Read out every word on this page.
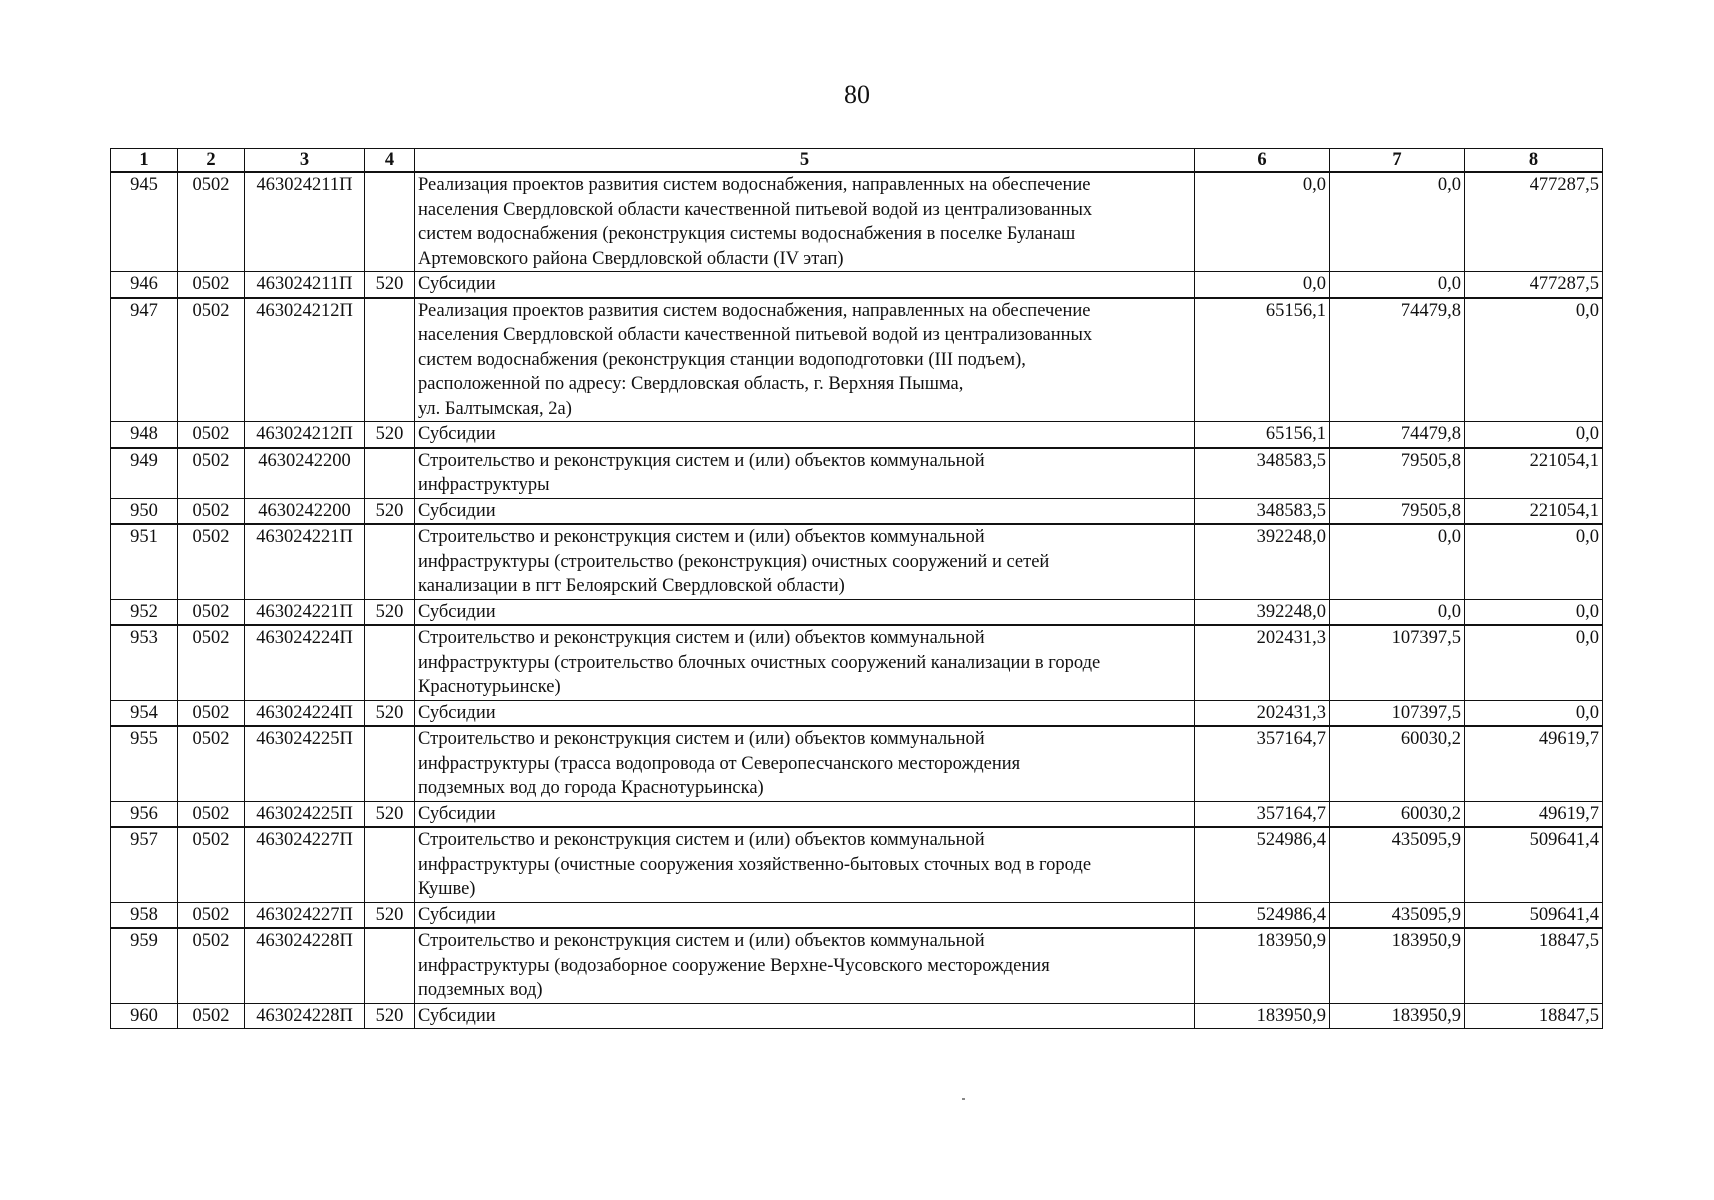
80
1	2	3	4	5	6	7	8
945	0502	463024211П		Реализация проектов развития систем водоснабжения, направленных на обеспечение
населения Свердловской области качественной питьевой водой из централизованных
систем водоснабжения (реконструкция системы водоснабжения в поселке Буланаш
Артемовского района Свердловской области (IV этап)	0,0	0,0	477287,5
946	0502	463024211П	520	Субсидии	0,0	0,0	477287,5
947	0502	463024212П		Реализация проектов развития систем водоснабжения, направленных на обеспечение
населения Свердловской области качественной питьевой водой из централизованных
систем водоснабжения (реконструкция станции водоподготовки (III подъем),
расположенной по адресу: Свердловская область, г. Верхняя Пышма,
ул. Балтымская, 2а)	65156,1	74479,8	0,0
948	0502	463024212П	520	Субсидии	65156,1	74479,8	0,0
949	0502	4630242200		Строительство и реконструкция систем и (или) объектов коммунальной
инфраструктуры	348583,5	79505,8	221054,1
950	0502	4630242200	520	Субсидии	348583,5	79505,8	221054,1
951	0502	463024221П		Строительство и реконструкция систем и (или) объектов коммунальной
инфраструктуры (строительство (реконструкция) очистных сооружений и сетей
канализации в пгт Белоярский Свердловской области)	392248,0	0,0	0,0
952	0502	463024221П	520	Субсидии	392248,0	0,0	0,0
953	0502	463024224П		Строительство и реконструкция систем и (или) объектов коммунальной
инфраструктуры (строительство блочных очистных сооружений канализации в городе
Краснотурьинске)	202431,3	107397,5	0,0
954	0502	463024224П	520	Субсидии	202431,3	107397,5	0,0
955	0502	463024225П		Строительство и реконструкция систем и (или) объектов коммунальной
инфраструктуры (трасса водопровода от Северопесчанского месторождения
подземных вод до города Краснотурьинска)	357164,7	60030,2	49619,7
956	0502	463024225П	520	Субсидии	357164,7	60030,2	49619,7
957	0502	463024227П		Строительство и реконструкция систем и (или) объектов коммунальной
инфраструктуры (очистные сооружения хозяйственно-бытовых сточных вод в городе
Кушве)	524986,4	435095,9	509641,4
958	0502	463024227П	520	Субсидии	524986,4	435095,9	509641,4
959	0502	463024228П		Строительство и реконструкция систем и (или) объектов коммунальной
инфраструктуры (водозаборное сооружение Верхне-Чусовского месторождения
подземных вод)	183950,9	183950,9	18847,5
960	0502	463024228П	520	Субсидии	183950,9	183950,9	18847,5
